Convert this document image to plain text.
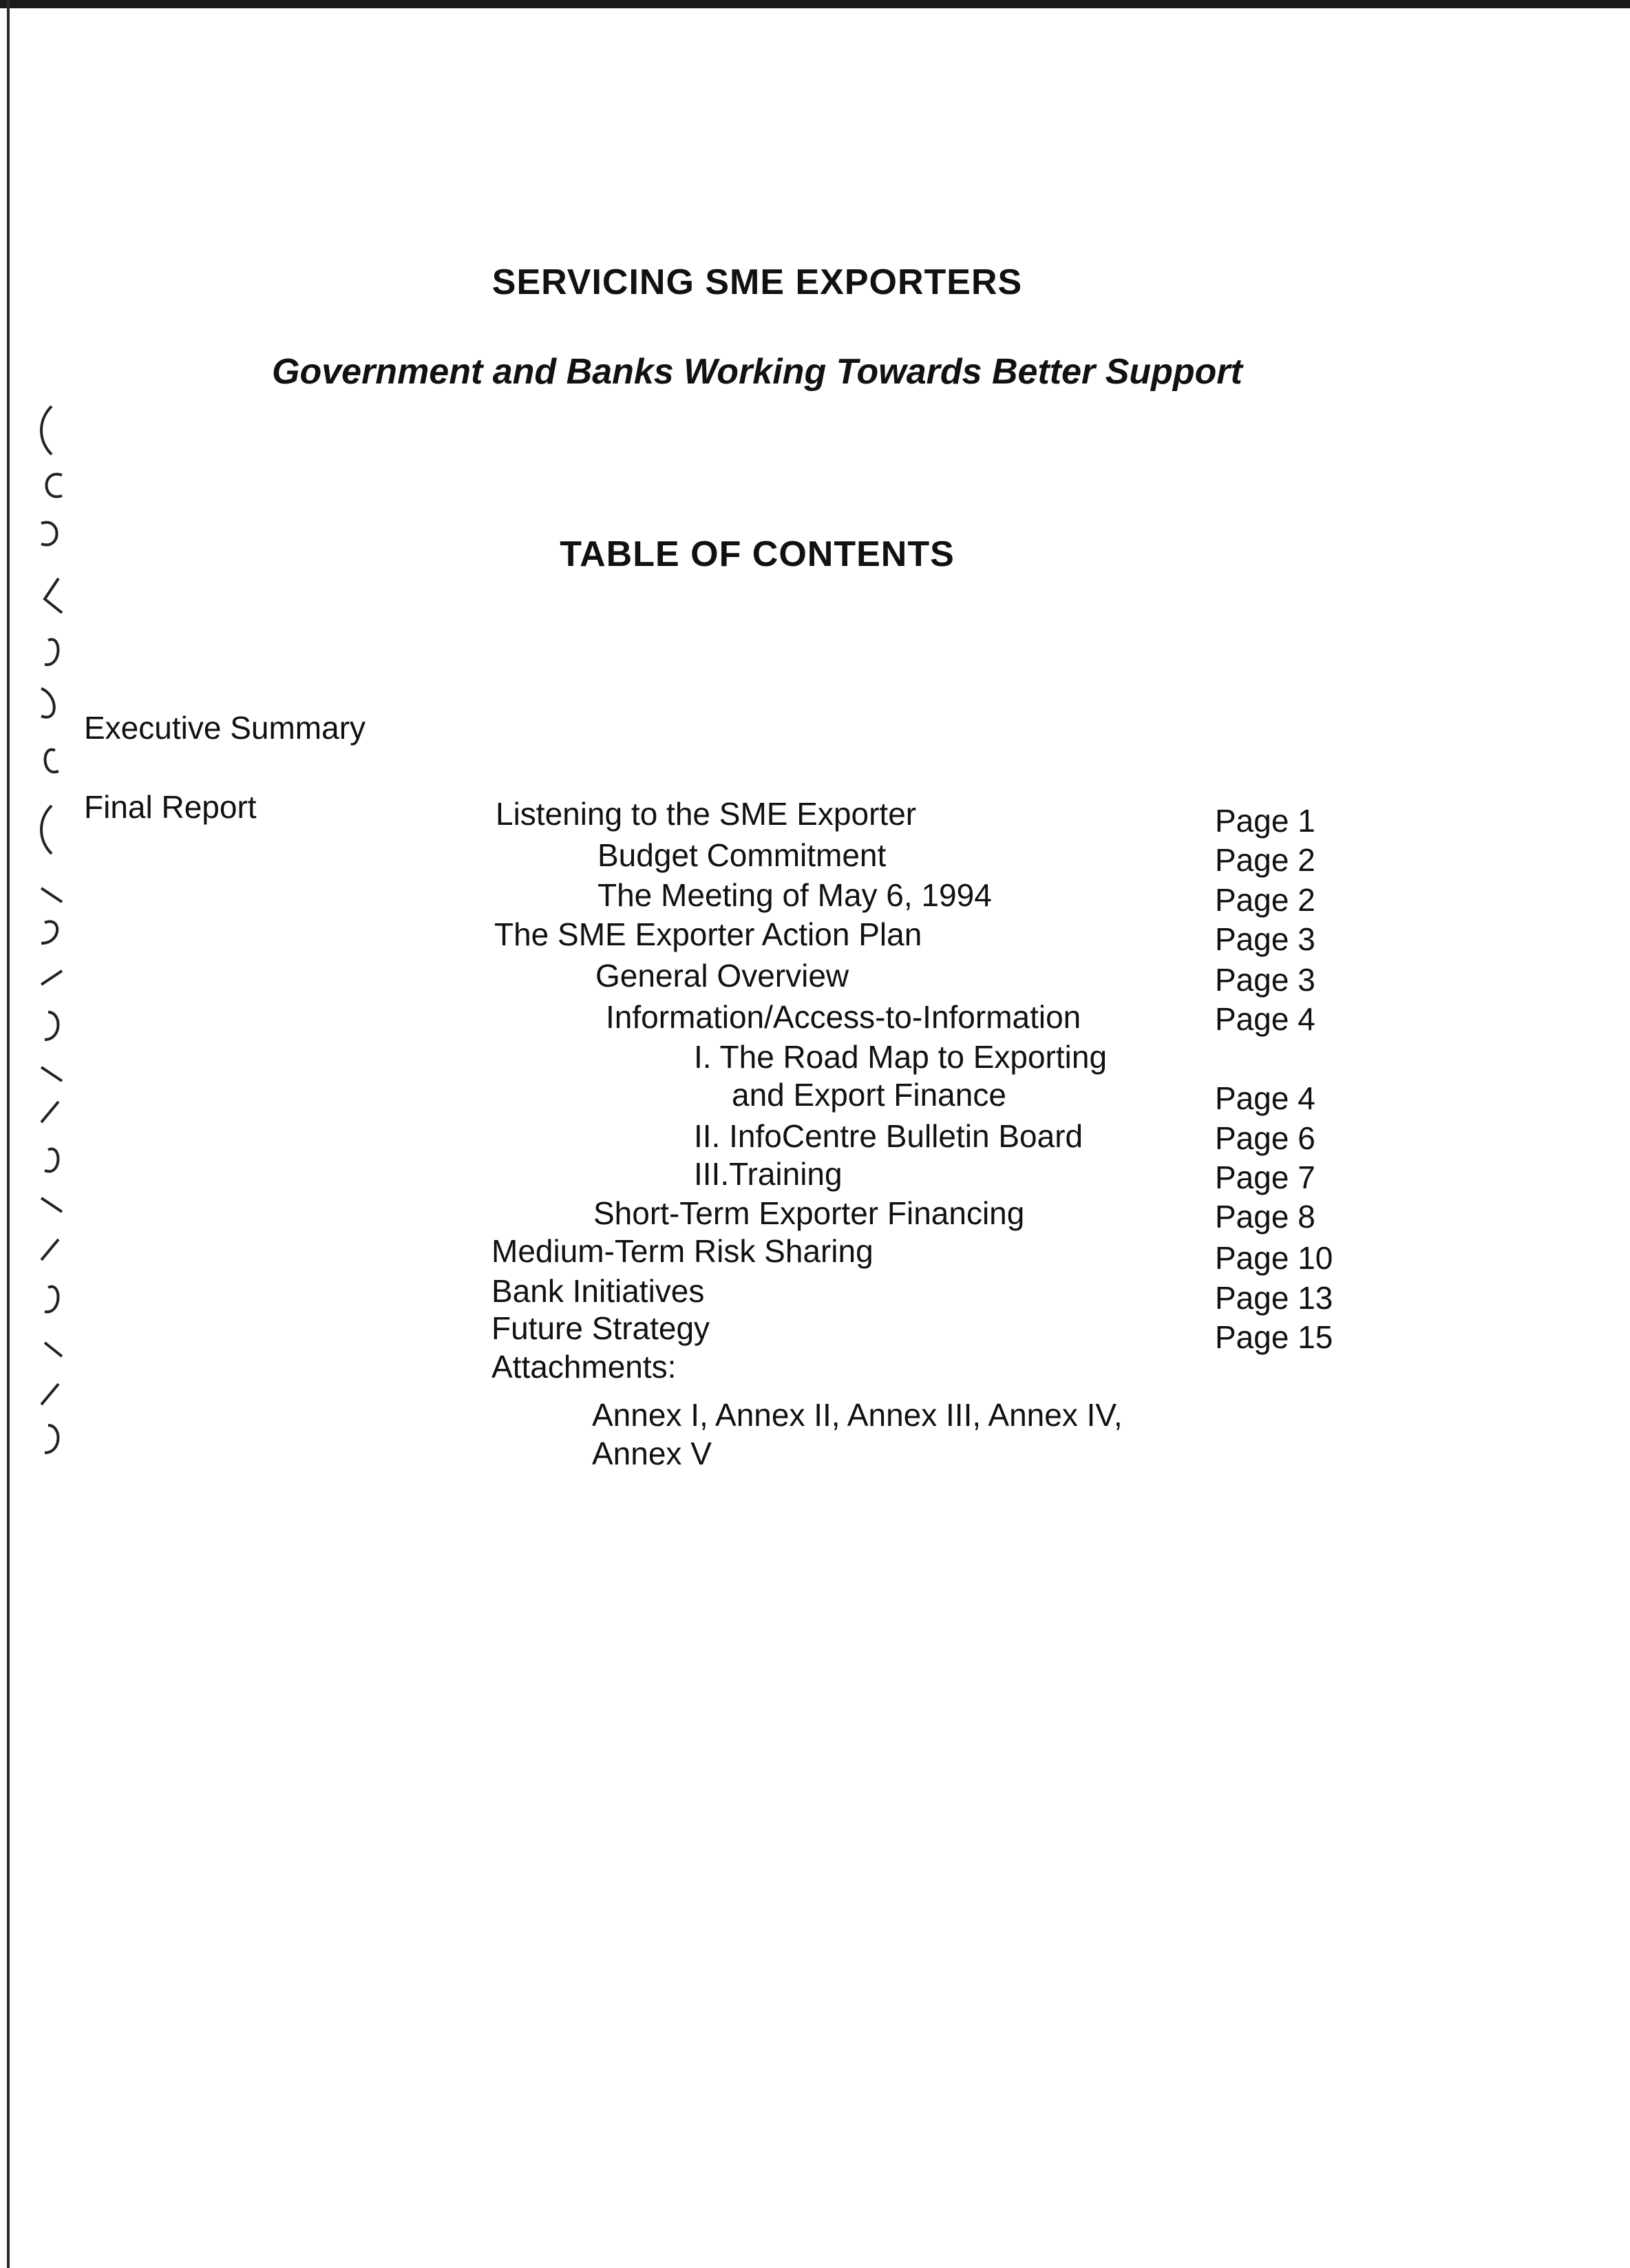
SERVICING SME EXPORTERS
Government and Banks Working Towards Better Support
TABLE OF CONTENTS
Executive Summary
Final Report	Listening to the SME Exporter	Page 1
Budget Commitment	Page 2
The Meeting of May 6, 1994	Page 2
The SME Exporter Action Plan	Page 3
General Overview	Page 3
Information/Access-to-Information	Page 4
I. The Road Map to Exporting
and Export Finance	Page 4
II. InfoCentre Bulletin Board	Page 6
III.Training	Page 7
Short-Term Exporter Financing	Page 8
Medium-Term Risk Sharing	Page 10
Bank Initiatives	Page 13
Future Strategy	Page 15
Attachments:
Annex I, Annex II, Annex III, Annex IV,
Annex V
